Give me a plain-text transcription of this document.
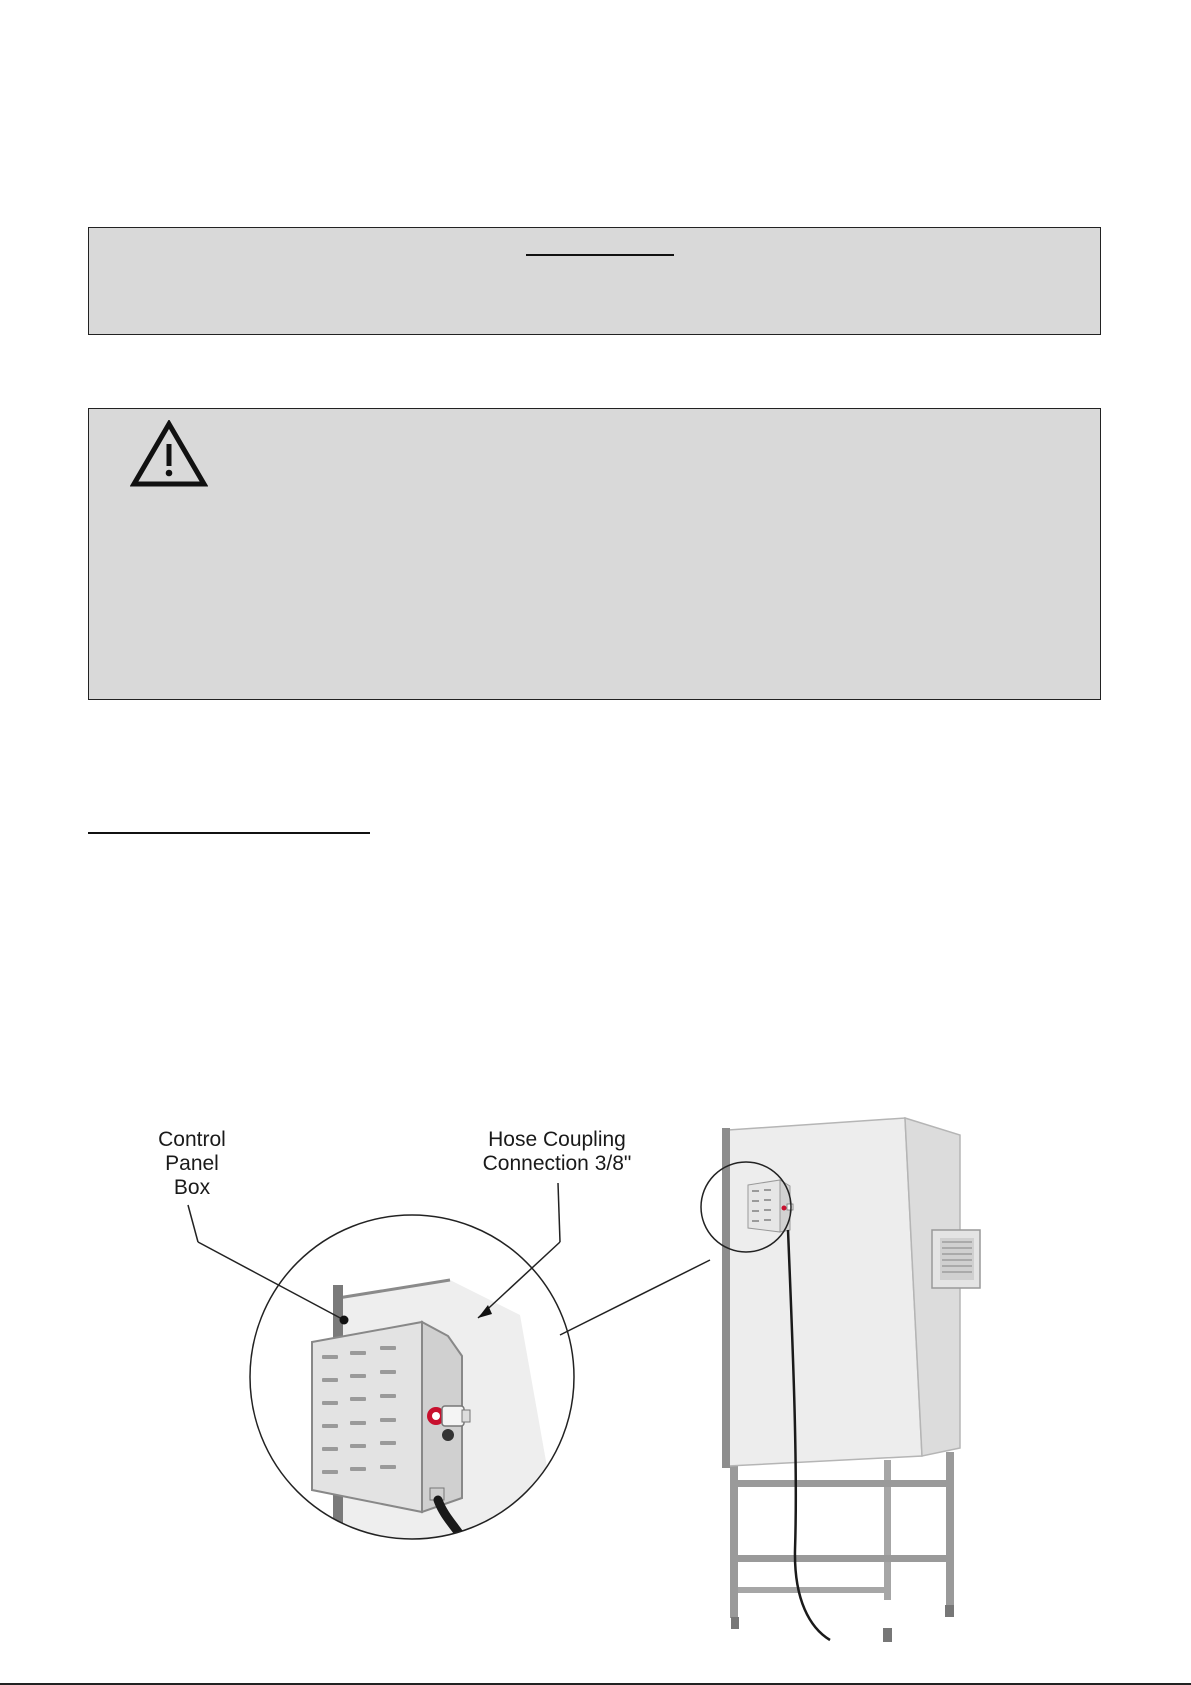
Control
Panel
Box

Hose Coupling
Connection 3/8"
